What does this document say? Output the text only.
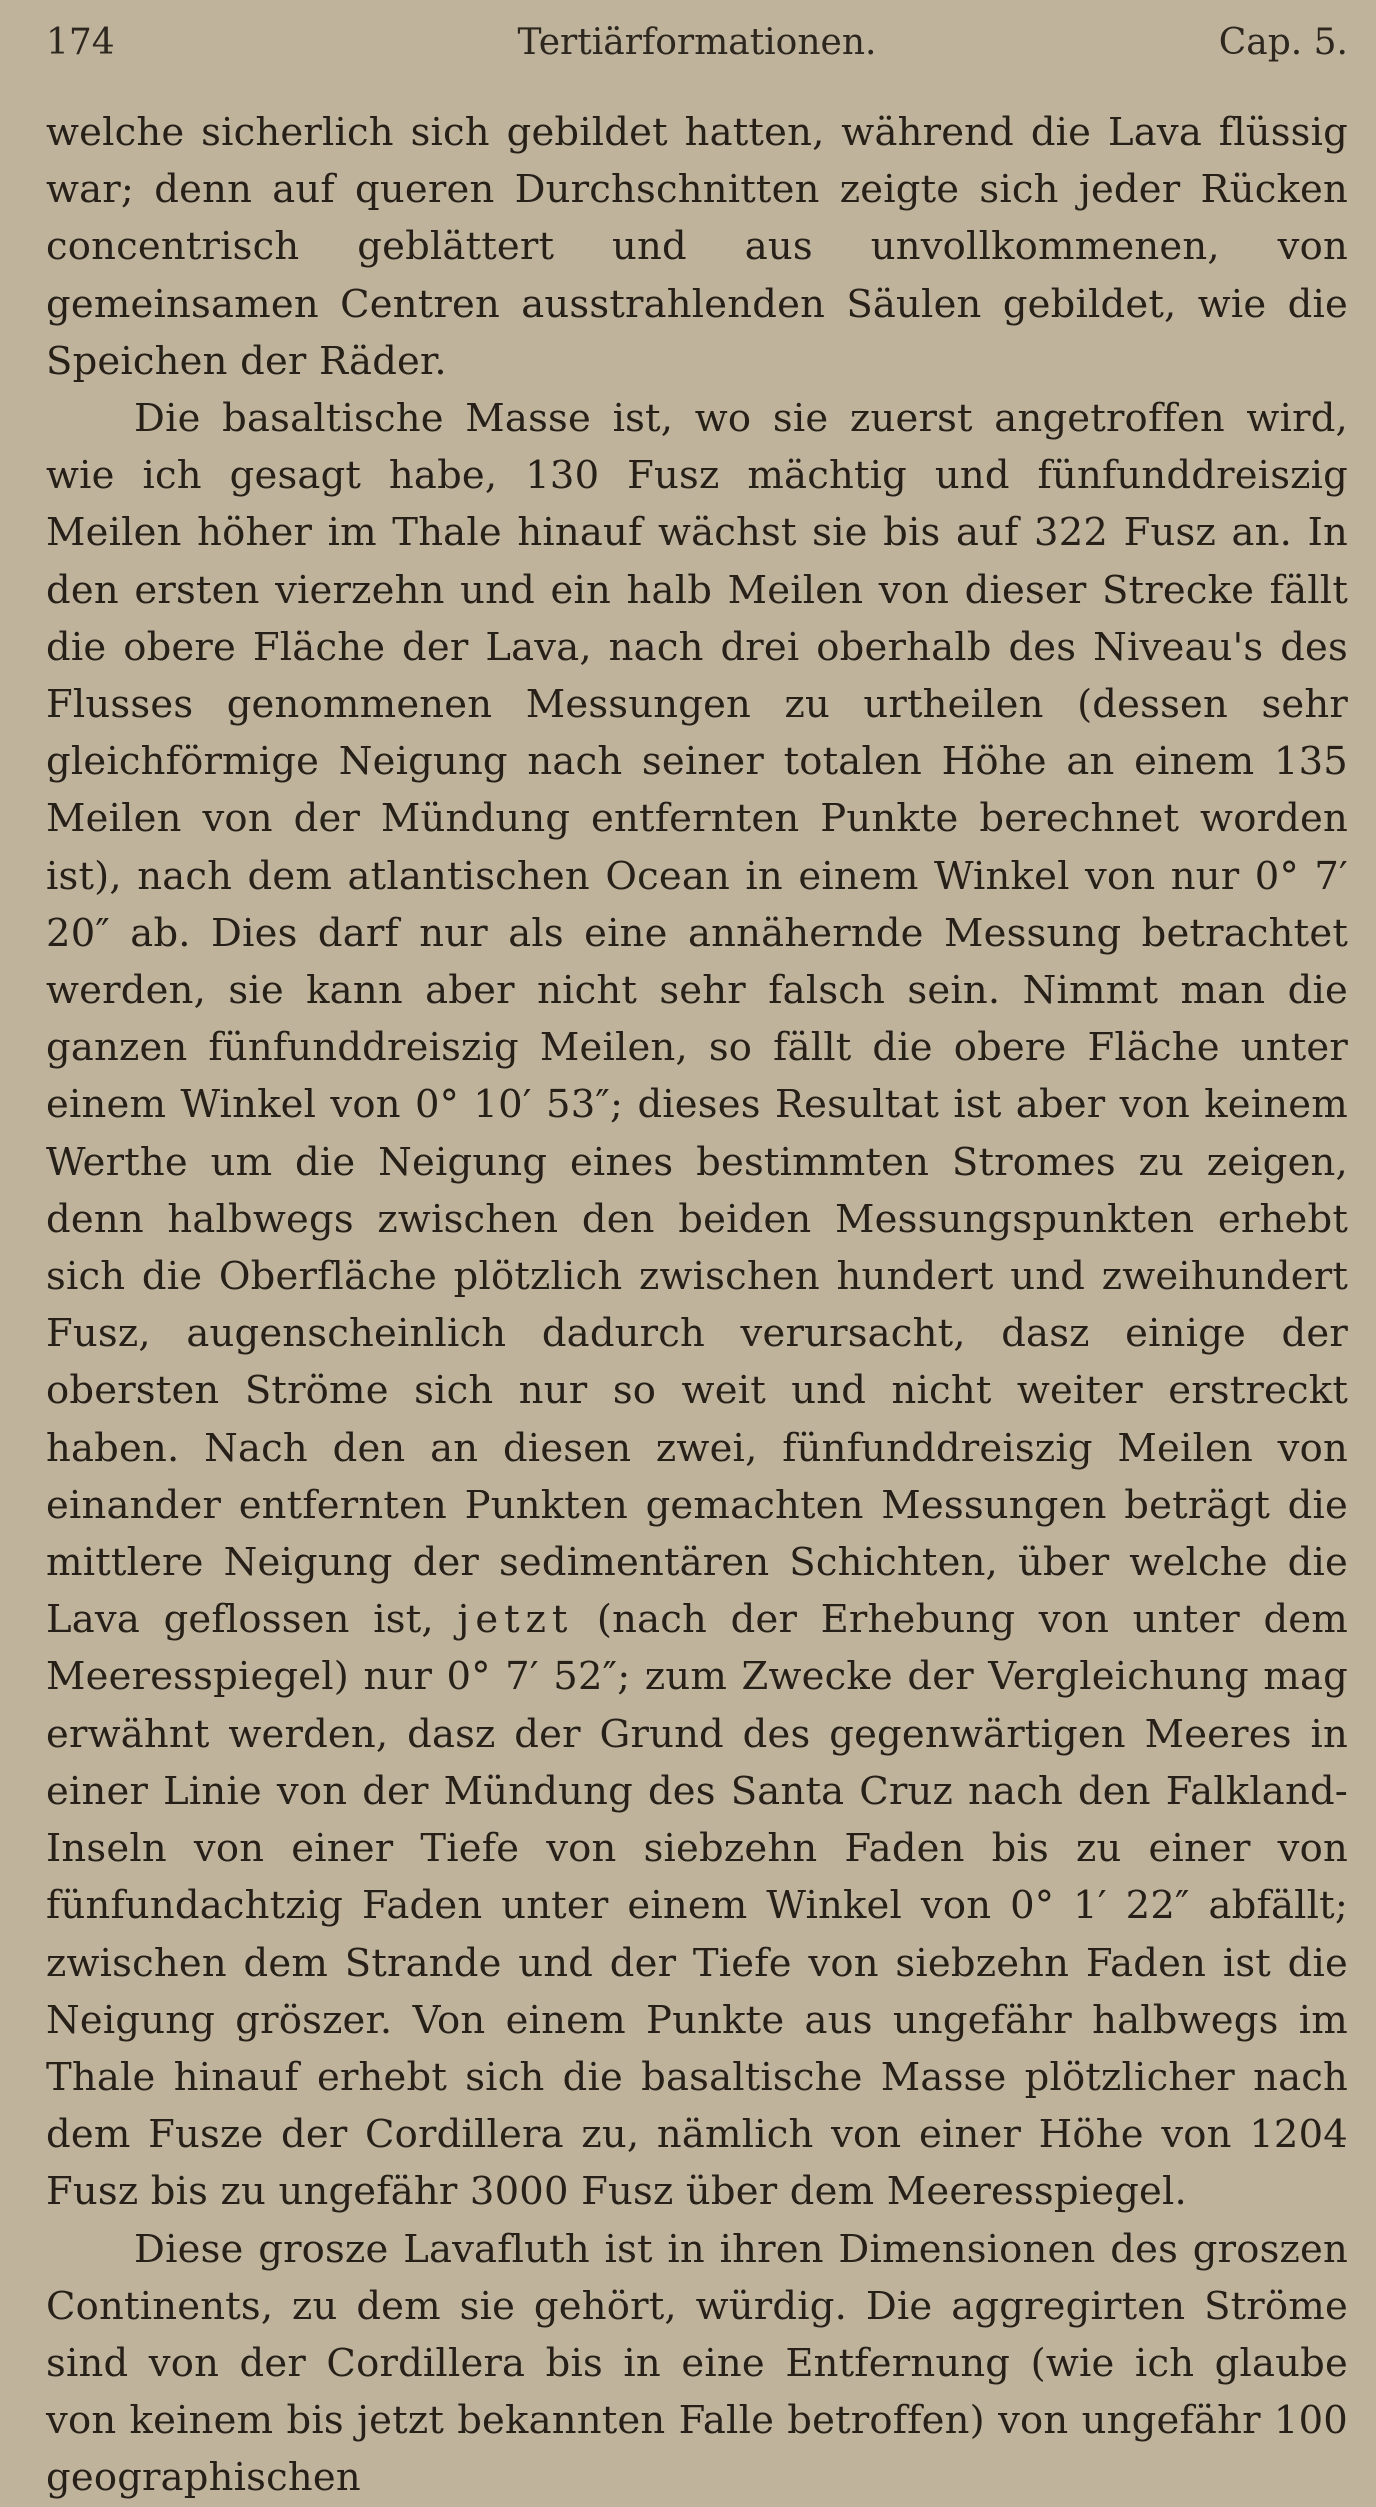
174	Tertiärformationen.	Cap. 5.

welche sicherlich sich gebildet hatten, während die Lava flüssig war; denn auf queren Durchschnitten zeigte sich jeder Rücken concentrisch geblättert und aus unvollkommenen, von gemeinsamen Centren ausstrahlenden Säulen gebildet, wie die Speichen der Räder.

Die basaltische Masse ist, wo sie zuerst angetroffen wird, wie ich gesagt habe, 130 Fusz mächtig und fünfunddreiszig Meilen höher im Thale hinauf wächst sie bis auf 322 Fusz an. In den ersten vierzehn und ein halb Meilen von dieser Strecke fällt die obere Fläche der Lava, nach drei oberhalb des Niveau's des Flusses genommenen Messungen zu urtheilen (dessen sehr gleichförmige Neigung nach seiner totalen Höhe an einem 135 Meilen von der Mündung entfernten Punkte berechnet worden ist), nach dem atlantischen Ocean in einem Winkel von nur 0° 7′ 20″ ab. Dies darf nur als eine annähernde Messung betrachtet werden, sie kann aber nicht sehr falsch sein. Nimmt man die ganzen fünfunddreiszig Meilen, so fällt die obere Fläche unter einem Winkel von 0° 10′ 53″; dieses Resultat ist aber von keinem Werthe um die Neigung eines bestimmten Stromes zu zeigen, denn halbwegs zwischen den beiden Messungspunkten erhebt sich die Oberfläche plötzlich zwischen hundert und zweihundert Fusz, augenscheinlich dadurch verursacht, dasz einige der obersten Ströme sich nur so weit und nicht weiter erstreckt haben. Nach den an diesen zwei, fünfunddreiszig Meilen von einander entfernten Punkten gemachten Messungen beträgt die mittlere Neigung der sedimentären Schichten, über welche die Lava geflossen ist, jetzt (nach der Erhebung von unter dem Meeresspiegel) nur 0° 7′ 52″; zum Zwecke der Vergleichung mag erwähnt werden, dasz der Grund des gegenwärtigen Meeres in einer Linie von der Mündung des Santa Cruz nach den Falkland-Inseln von einer Tiefe von siebzehn Faden bis zu einer von fünfundachtzig Faden unter einem Winkel von 0° 1′ 22″ abfällt; zwischen dem Strande und der Tiefe von siebzehn Faden ist die Neigung gröszer. Von einem Punkte aus ungefähr halbwegs im Thale hinauf erhebt sich die basaltische Masse plötzlicher nach dem Fusze der Cordillera zu, nämlich von einer Höhe von 1204 Fusz bis zu ungefähr 3000 Fusz über dem Meeresspiegel.

Diese grosze Lavafluth ist in ihren Dimensionen des groszen Continents, zu dem sie gehört, würdig. Die aggregirten Ströme sind von der Cordillera bis in eine Entfernung (wie ich glaube von keinem bis jetzt bekannten Falle betroffen) von ungefähr 100 geographischen
